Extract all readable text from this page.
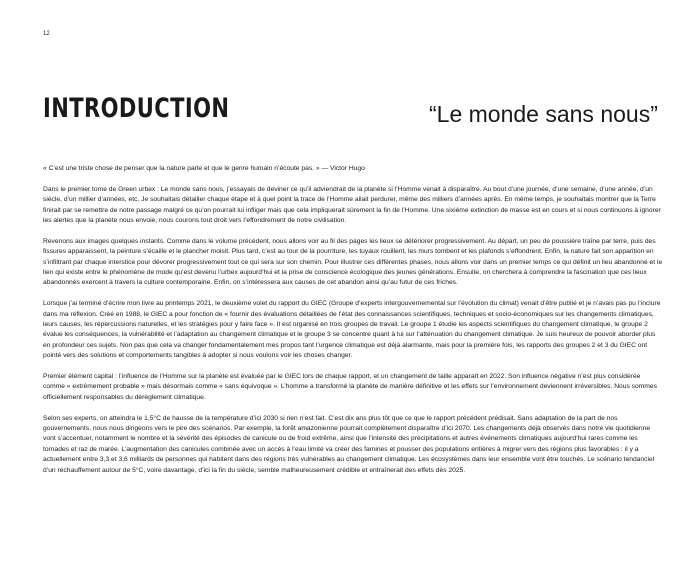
12
INTRODUCTION	“Le monde sans nous”

« C’est une triste chose de penser que la nature parle et que le genre humain n’écoute pas. » — Victor Hugo

Dans le premier tome de Green urbex : Le monde sans nous, j’essayais de deviner ce qu’il adviendrait de la planète si l’Homme venait à disparaître. Au bout d’une journée, d’une semaine, d’une année, d’un siècle, d’un millier d’années, etc. Je souhaitais détailler chaque étape et à quel point la trace de l’Homme allait perdurer, même des milliers d’années après. En même temps, je souhaitais montrer que la Terre finirait par se remettre de notre passage malgré ce qu’on pourrait lui infliger mais que cela impliquerait sûrement la fin de l’Homme. Une sixième extinction de masse est en cours et si nous continuons à ignorer les alertes que la planète nous envoie, nous courons tout droit vers l’effondrement de notre civilisation.

Revenons aux images quelques instants. Comme dans le volume précédent, nous allons voir au fil des pages les lieux se détériorer progressivement. Au départ, un peu de poussière traîne par terre, puis des fissures apparaissent, la peinture s’écaille et le plancher moisit. Plus tard, c’est au tour de la pourriture, les tuyaux rouillent, les murs tombent et les plafonds s’effondrent. Enfin, la nature fait son apparition en s’infiltrant par chaque interstice pour dévorer progressivement tout ce qui sera sur son chemin. Pour illustrer ces différentes phases, nous allons voir dans un premier temps ce qui définit un lieu abandonné et le lien qui existe entre le phénomène de mode qu’est devenu l’urbex aujourd’hui et la prise de conscience écologique des jeunes générations. Ensuite, on cherchera à comprendre la fascination que ces lieux abandonnés exercent à travers la culture contemporaine. Enfin, on s’intéressera aux causes de cet abandon ainsi qu’au futur de ces friches.

Lorsque j’ai terminé d’écrire mon livre au printemps 2021, le deuxième volet du rapport du GIEC (Groupe d’experts intergouvernemental sur l’évolution du climat) venait d’être publié et je n’avais pas pu l’inclure dans ma réflexion. Créé en 1988, le GIEC a pour fonction de « fournir des évaluations détaillées de l’état des connaissances scientifiques, techniques et socio-économiques sur les changements climatiques, leurs causes, les répercussions naturelles, et les stratégies pour y faire face ». Il est organisé en trois groupes de travail. Le groupe 1 étudie les aspects scientifiques du changement climatique, le groupe 2 évalue les conséquences, la vulnérabilité et l’adaptation au changement climatique et le groupe 3 se concentre quant à lui sur l’atténuation du changement climatique. Je suis heureux de pouvoir aborder plus en profondeur ces sujets. Non pas que cela va changer fondamentalement mes propos tant l’urgence climatique est déjà alarmante, mais pour la première fois, les rapports des groupes 2 et 3 du GIEC ont pointé vers des solutions et comportements tangibles à adopter si nous voulons voir les choses changer.

Premier élément capital : l’influence de l’Homme sur la planète est évaluée par le GIEC lors de chaque rapport, et un changement de taille apparaît en 2022. Son influence négative n’est plus considérée comme « extrêmement probable » mais désormais comme « sans équivoque ». L’homme a transformé la planète de manière définitive et les effets sur l’environnement deviennent irréversibles. Nous sommes officiellement responsables du dérèglement climatique.

Selon ses experts, on atteindra le 1,5°C de hausse de la température d’ici 2030 si rien n’est fait. C’est dix ans plus tôt que ce que le rapport précédent prédisait. Sans adaptation de la part de nos gouvernements, nous nous dirigeons vers le pire des scénarios. Par exemple, la forêt amazonienne pourrait complètement disparaître d’ici 2070. Les changements déjà observés dans notre vie quotidienne vont s’accentuer, notamment le nombre et la sévérité des épisodes de canicule ou de froid extrême, ainsi que l’intensité des précipitations et autres événements climatiques aujourd’hui rares comme les tornades et raz de marée. L’augmentation des canicules combinée avec un accès à l’eau limité va créer des famines et pousser des populations entières à migrer vers des régions plus favorables : il y a actuellement entre 3,3 et 3,6 milliards de personnes qui habitent dans des régions très vulnérables au changement climatique. Les écosystèmes dans leur ensemble vont être touchés. Le scénario tendanciel d’un réchauffement autour de 5°C, voire davantage, d’ici la fin du siècle, semble malheureusement crédible et entraînerait des effets dès 2025.
